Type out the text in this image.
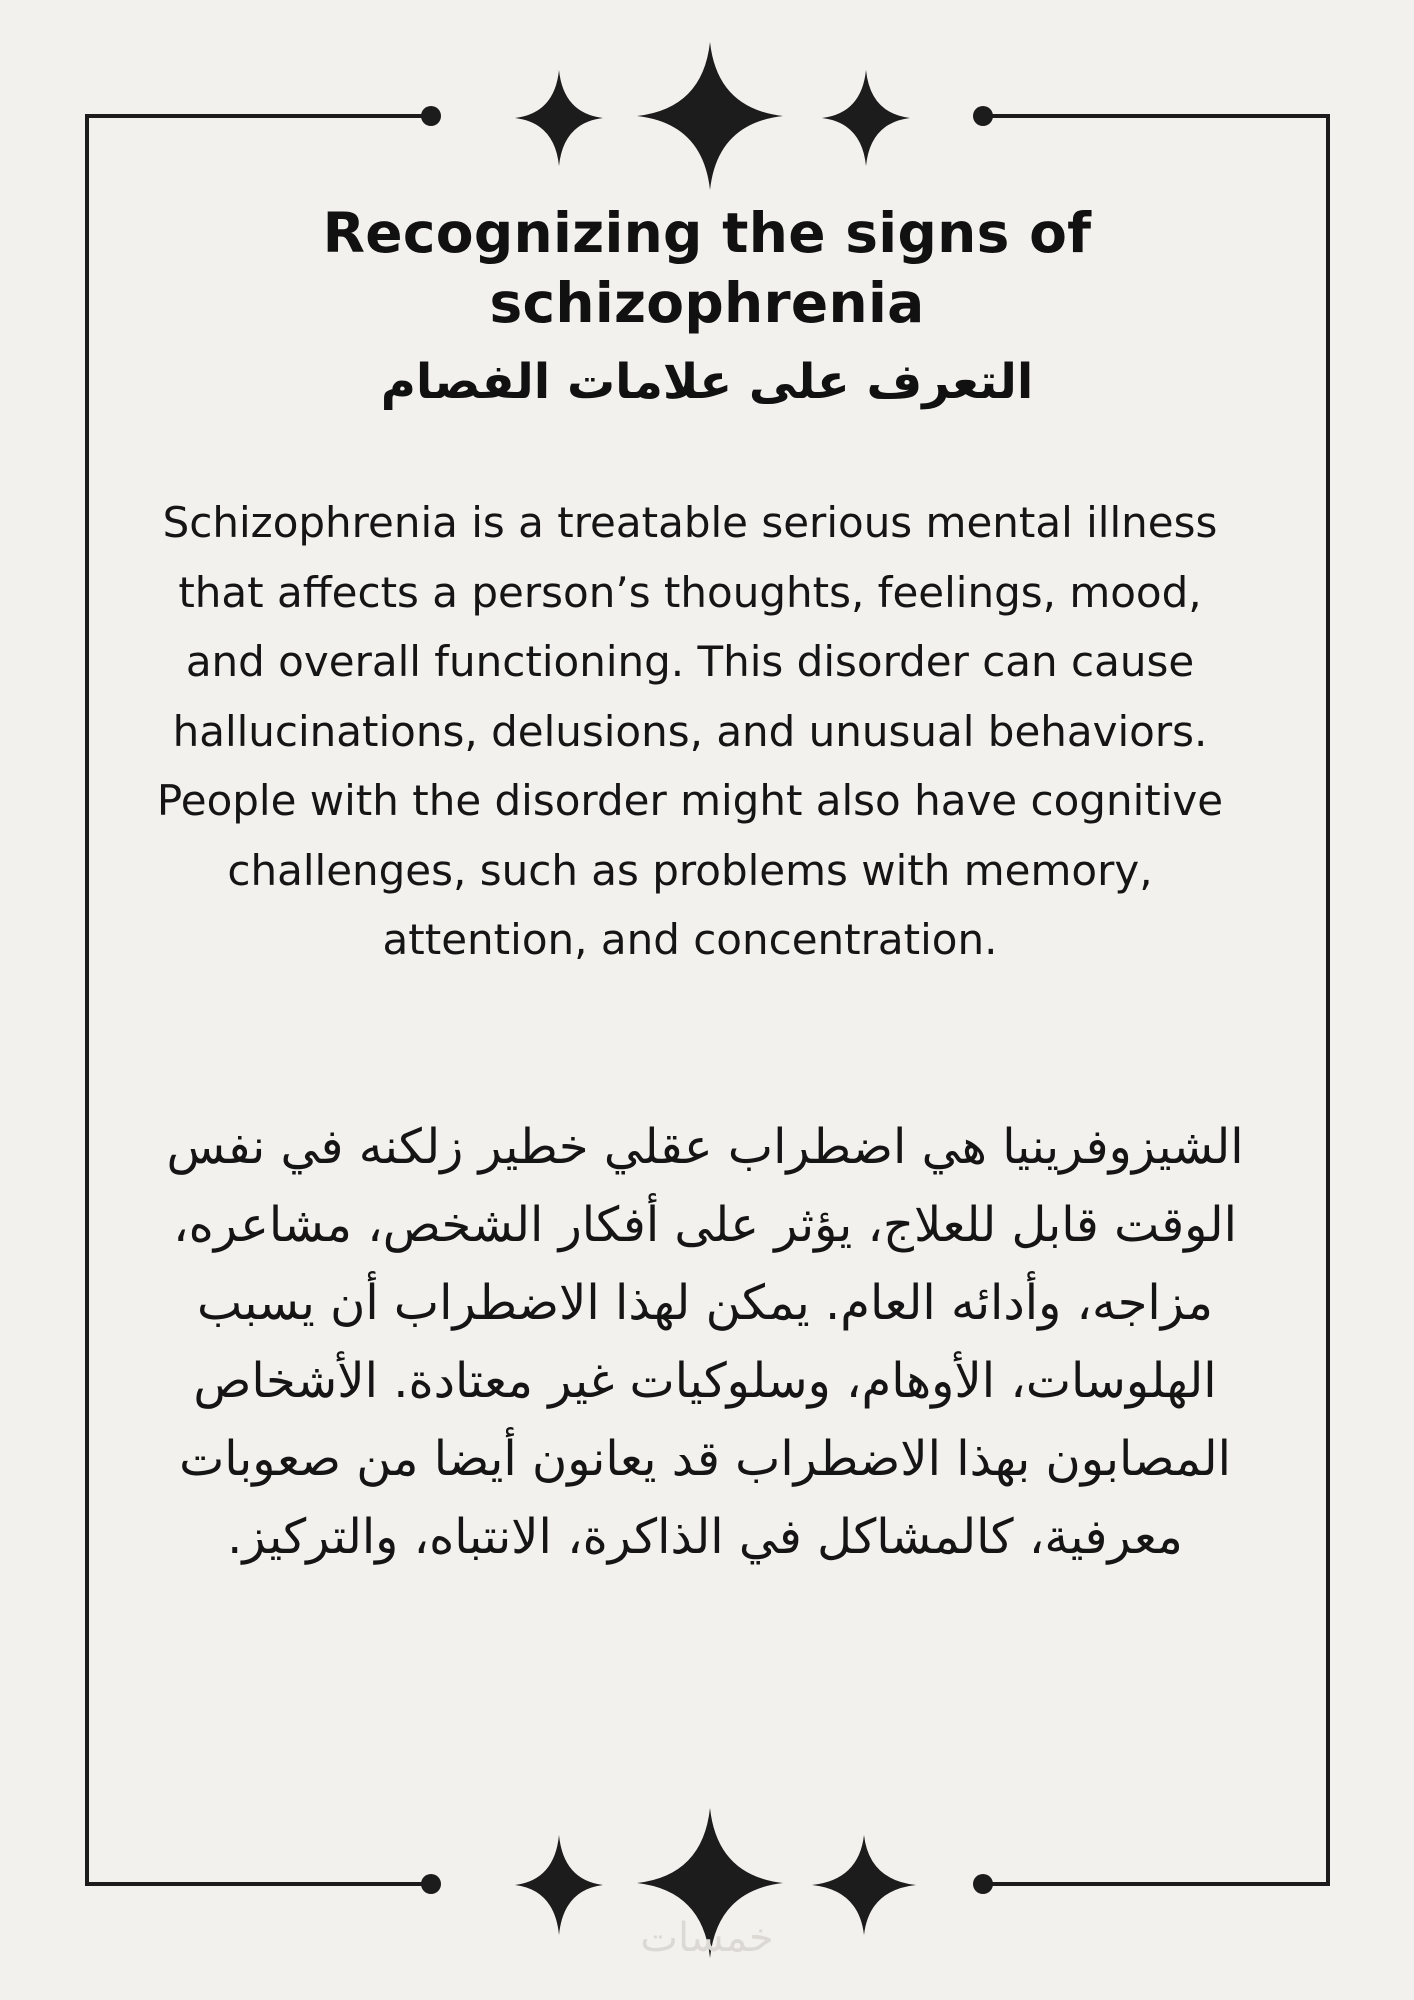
Recognizing the signs of schizophrenia
التعرف على علامات الفصام

Schizophrenia is a treatable serious mental illness that affects a person’s thoughts, feelings, mood, and overall functioning. This disorder can cause hallucinations, delusions, and unusual behaviors. People with the disorder might also have cognitive challenges, such as problems with memory, attention, and concentration.

الشيزوفرينيا هي اضطراب عقلي خطير زلكنه في نفس الوقت قابل للعلاج، يؤثر على أفكار الشخص، مشاعره، مزاجه، وأدائه العام. يمكن لهذا الاضطراب أن يسبب الهلوسات، الأوهام، وسلوكيات غير معتادة. الأشخاص المصابون بهذا الاضطراب قد يعانون أيضا من صعوبات معرفية، كالمشاكل في الذاكرة، الانتباه، والتركيز.

خمسات
